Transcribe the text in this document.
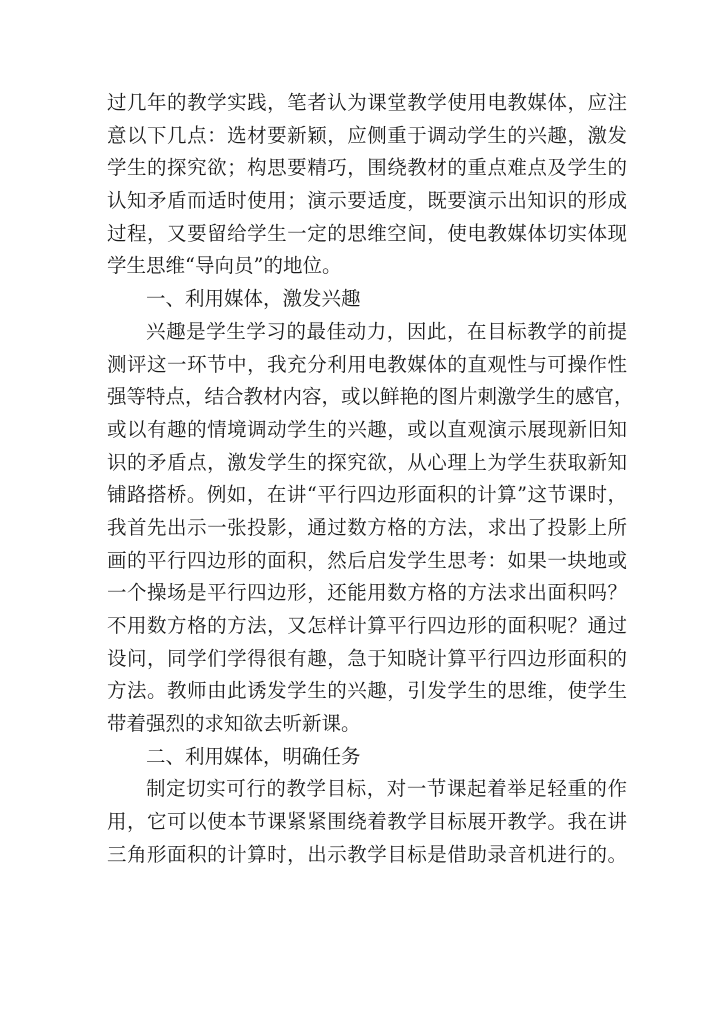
过几年的教学实践，笔者认为课堂教学使用电教媒体，应注
意以下几点：选材要新颖，应侧重于调动学生的兴趣，激发
学生的探究欲；构思要精巧，围绕教材的重点难点及学生的
认知矛盾而适时使用；演示要适度，既要演示出知识的形成
过程，又要留给学生一定的思维空间，使电教媒体切实体现
学生思维“导向员”的地位。
一、利用媒体，激发兴趣
兴趣是学生学习的最佳动力，因此，在目标教学的前提
测评这一环节中，我充分利用电教媒体的直观性与可操作性
强等特点，结合教材内容，或以鲜艳的图片刺激学生的感官，
或以有趣的情境调动学生的兴趣，或以直观演示展现新旧知
识的矛盾点，激发学生的探究欲，从心理上为学生获取新知
铺路搭桥。例如，在讲“平行四边形面积的计算”这节课时，
我首先出示一张投影，通过数方格的方法，求出了投影上所
画的平行四边形的面积，然后启发学生思考：如果一块地或
一个操场是平行四边形，还能用数方格的方法求出面积吗？
不用数方格的方法，又怎样计算平行四边形的面积呢？通过
设问，同学们学得很有趣，急于知晓计算平行四边形面积的
方法。教师由此诱发学生的兴趣，引发学生的思维，使学生
带着强烈的求知欲去听新课。
二、利用媒体，明确任务
制定切实可行的教学目标，对一节课起着举足轻重的作
用，它可以使本节课紧紧围绕着教学目标展开教学。我在讲
三角形面积的计算时，出示教学目标是借助录音机进行的。
